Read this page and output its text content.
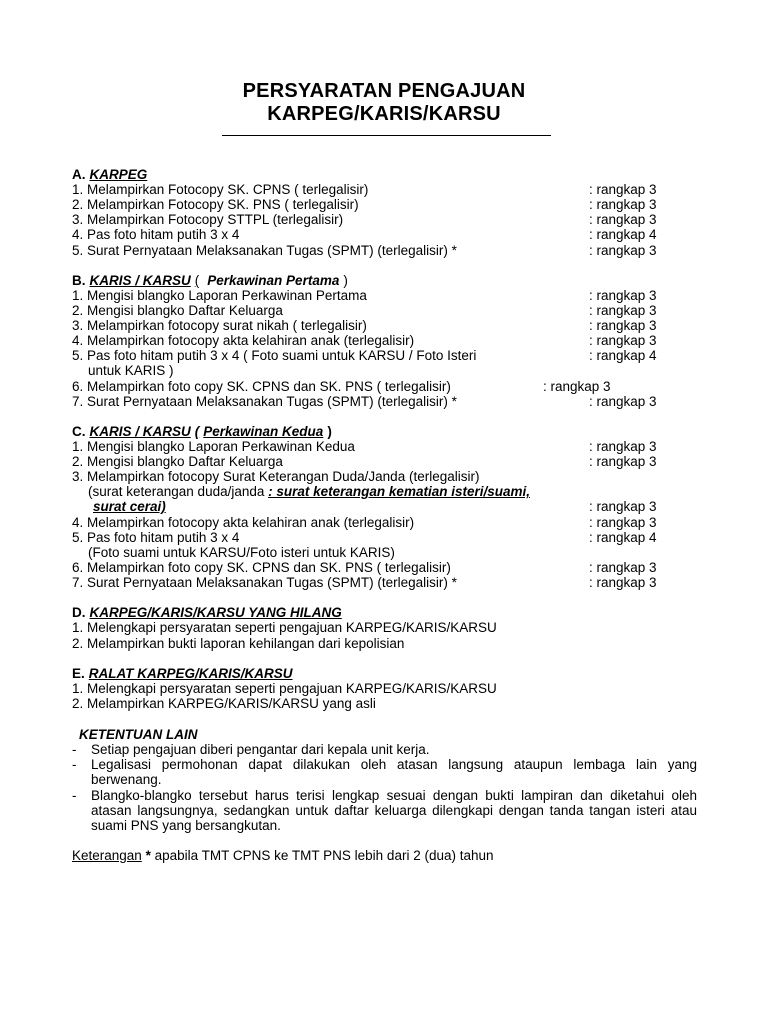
PERSYARATAN PENGAJUAN
KARPEG/KARIS/KARSU
A. KARPEG
1. Melampirkan Fotocopy SK. CPNS ( terlegalisir)	: rangkap 3
2. Melampirkan Fotocopy SK. PNS ( terlegalisir)	: rangkap 3
3. Melampirkan Fotocopy STTPL (terlegalisir)	: rangkap 3
4. Pas foto hitam putih 3 x 4	: rangkap 4
5. Surat Pernyataan Melaksanakan Tugas (SPMT) (terlegalisir) *	: rangkap 3
B. KARIS / KARSU ( Perkawinan Pertama )
1. Mengisi blangko Laporan Perkawinan Pertama	: rangkap 3
2. Mengisi blangko Daftar Keluarga	: rangkap 3
3. Melampirkan fotocopy surat nikah ( terlegalisir)	: rangkap 3
4. Melampirkan fotocopy akta kelahiran anak (terlegalisir)	: rangkap 3
5. Pas foto hitam putih 3 x 4 ( Foto suami untuk KARSU / Foto Isteri	: rangkap 4
untuk KARIS )
6. Melampirkan foto copy SK. CPNS dan SK. PNS ( terlegalisir)	: rangkap 3
7. Surat Pernyataan Melaksanakan Tugas (SPMT) (terlegalisir) *	: rangkap 3
C. KARIS / KARSU ( Perkawinan Kedua )
1. Mengisi blangko Laporan Perkawinan Kedua	: rangkap 3
2. Mengisi blangko Daftar Keluarga	: rangkap 3
3. Melampirkan fotocopy Surat Keterangan Duda/Janda (terlegalisir)
(surat keterangan duda/janda : surat keterangan kematian isteri/suami,
surat cerai)	: rangkap 3
4. Melampirkan fotocopy akta kelahiran anak (terlegalisir)	: rangkap 3
5. Pas foto hitam putih 3 x 4	: rangkap 4
(Foto suami untuk KARSU/Foto isteri untuk KARIS)
6. Melampirkan foto copy SK. CPNS dan SK. PNS ( terlegalisir)	: rangkap 3
7. Surat Pernyataan Melaksanakan Tugas (SPMT) (terlegalisir) *	: rangkap 3
D. KARPEG/KARIS/KARSU YANG HILANG
1. Melengkapi persyaratan seperti pengajuan KARPEG/KARIS/KARSU
2. Melampirkan bukti laporan kehilangan dari kepolisian
E. RALAT KARPEG/KARIS/KARSU
1. Melengkapi persyaratan seperti pengajuan KARPEG/KARIS/KARSU
2. Melampirkan KARPEG/KARIS/KARSU yang asli
KETENTUAN LAIN
- Setiap pengajuan diberi pengantar dari kepala unit kerja.
- Legalisasi permohonan dapat dilakukan oleh atasan langsung ataupun lembaga lain yang berwenang.
- Blangko-blangko tersebut harus terisi lengkap sesuai dengan bukti lampiran dan diketahui oleh atasan langsungnya, sedangkan untuk daftar keluarga dilengkapi dengan tanda tangan isteri atau suami PNS yang bersangkutan.
Keterangan * apabila TMT CPNS ke TMT PNS lebih dari 2 (dua) tahun
